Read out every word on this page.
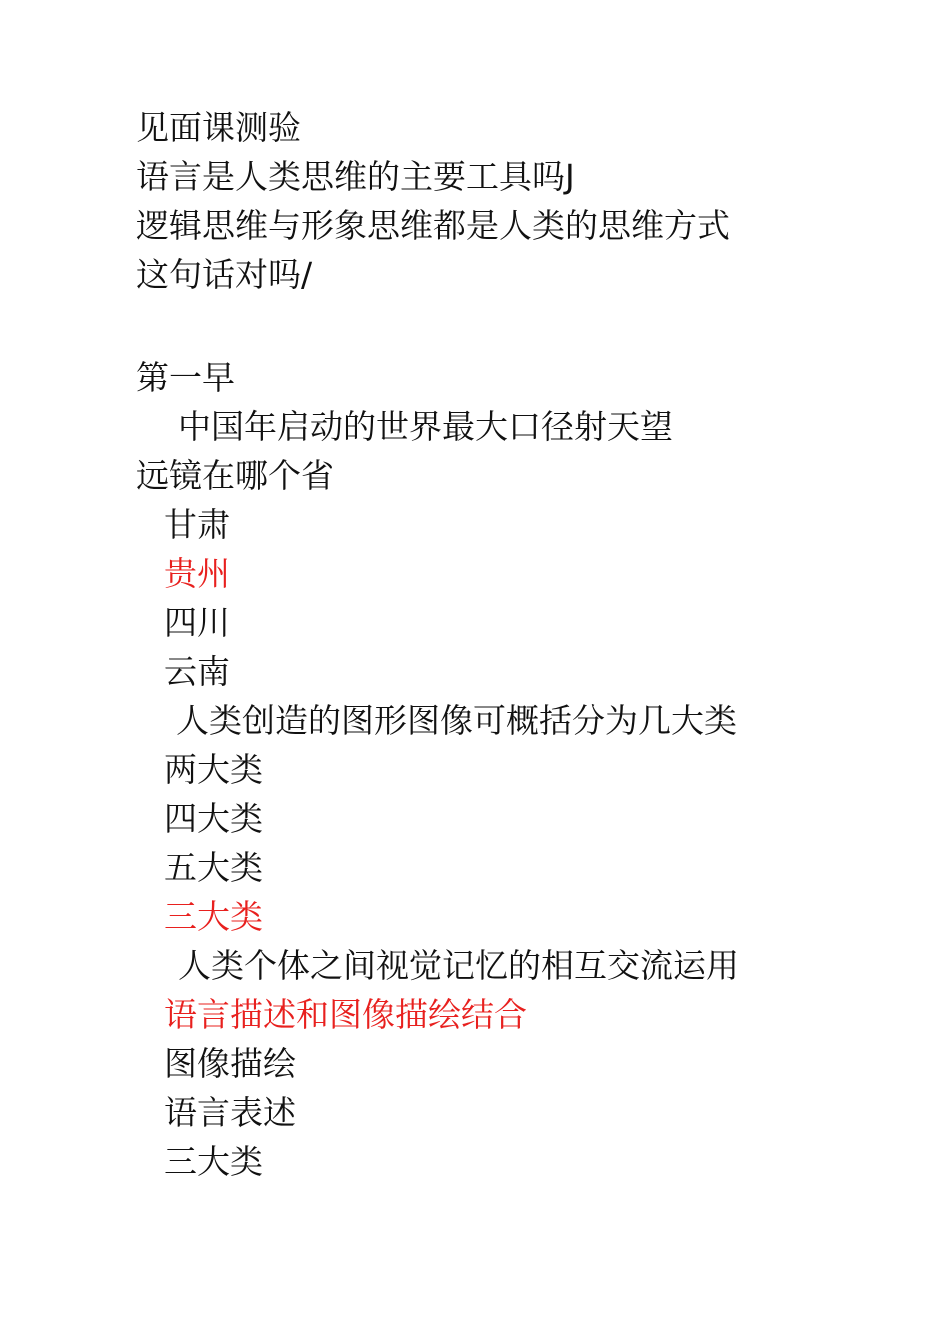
见面课测验
语言是人类思维的主要工具吗J
逻辑思维与形象思维都是人类的思维方式
这句话对吗/
第一早
中国年启动的世界最大口径射天望
远镜在哪个省
甘肃
贵州
四川
云南
人类创造的图形图像可概括分为几大类
两大类
四大类
五大类
三大类
人类个体之间视觉记忆的相互交流运用
语言描述和图像描绘结合
图像描绘
语言表述
三大类
